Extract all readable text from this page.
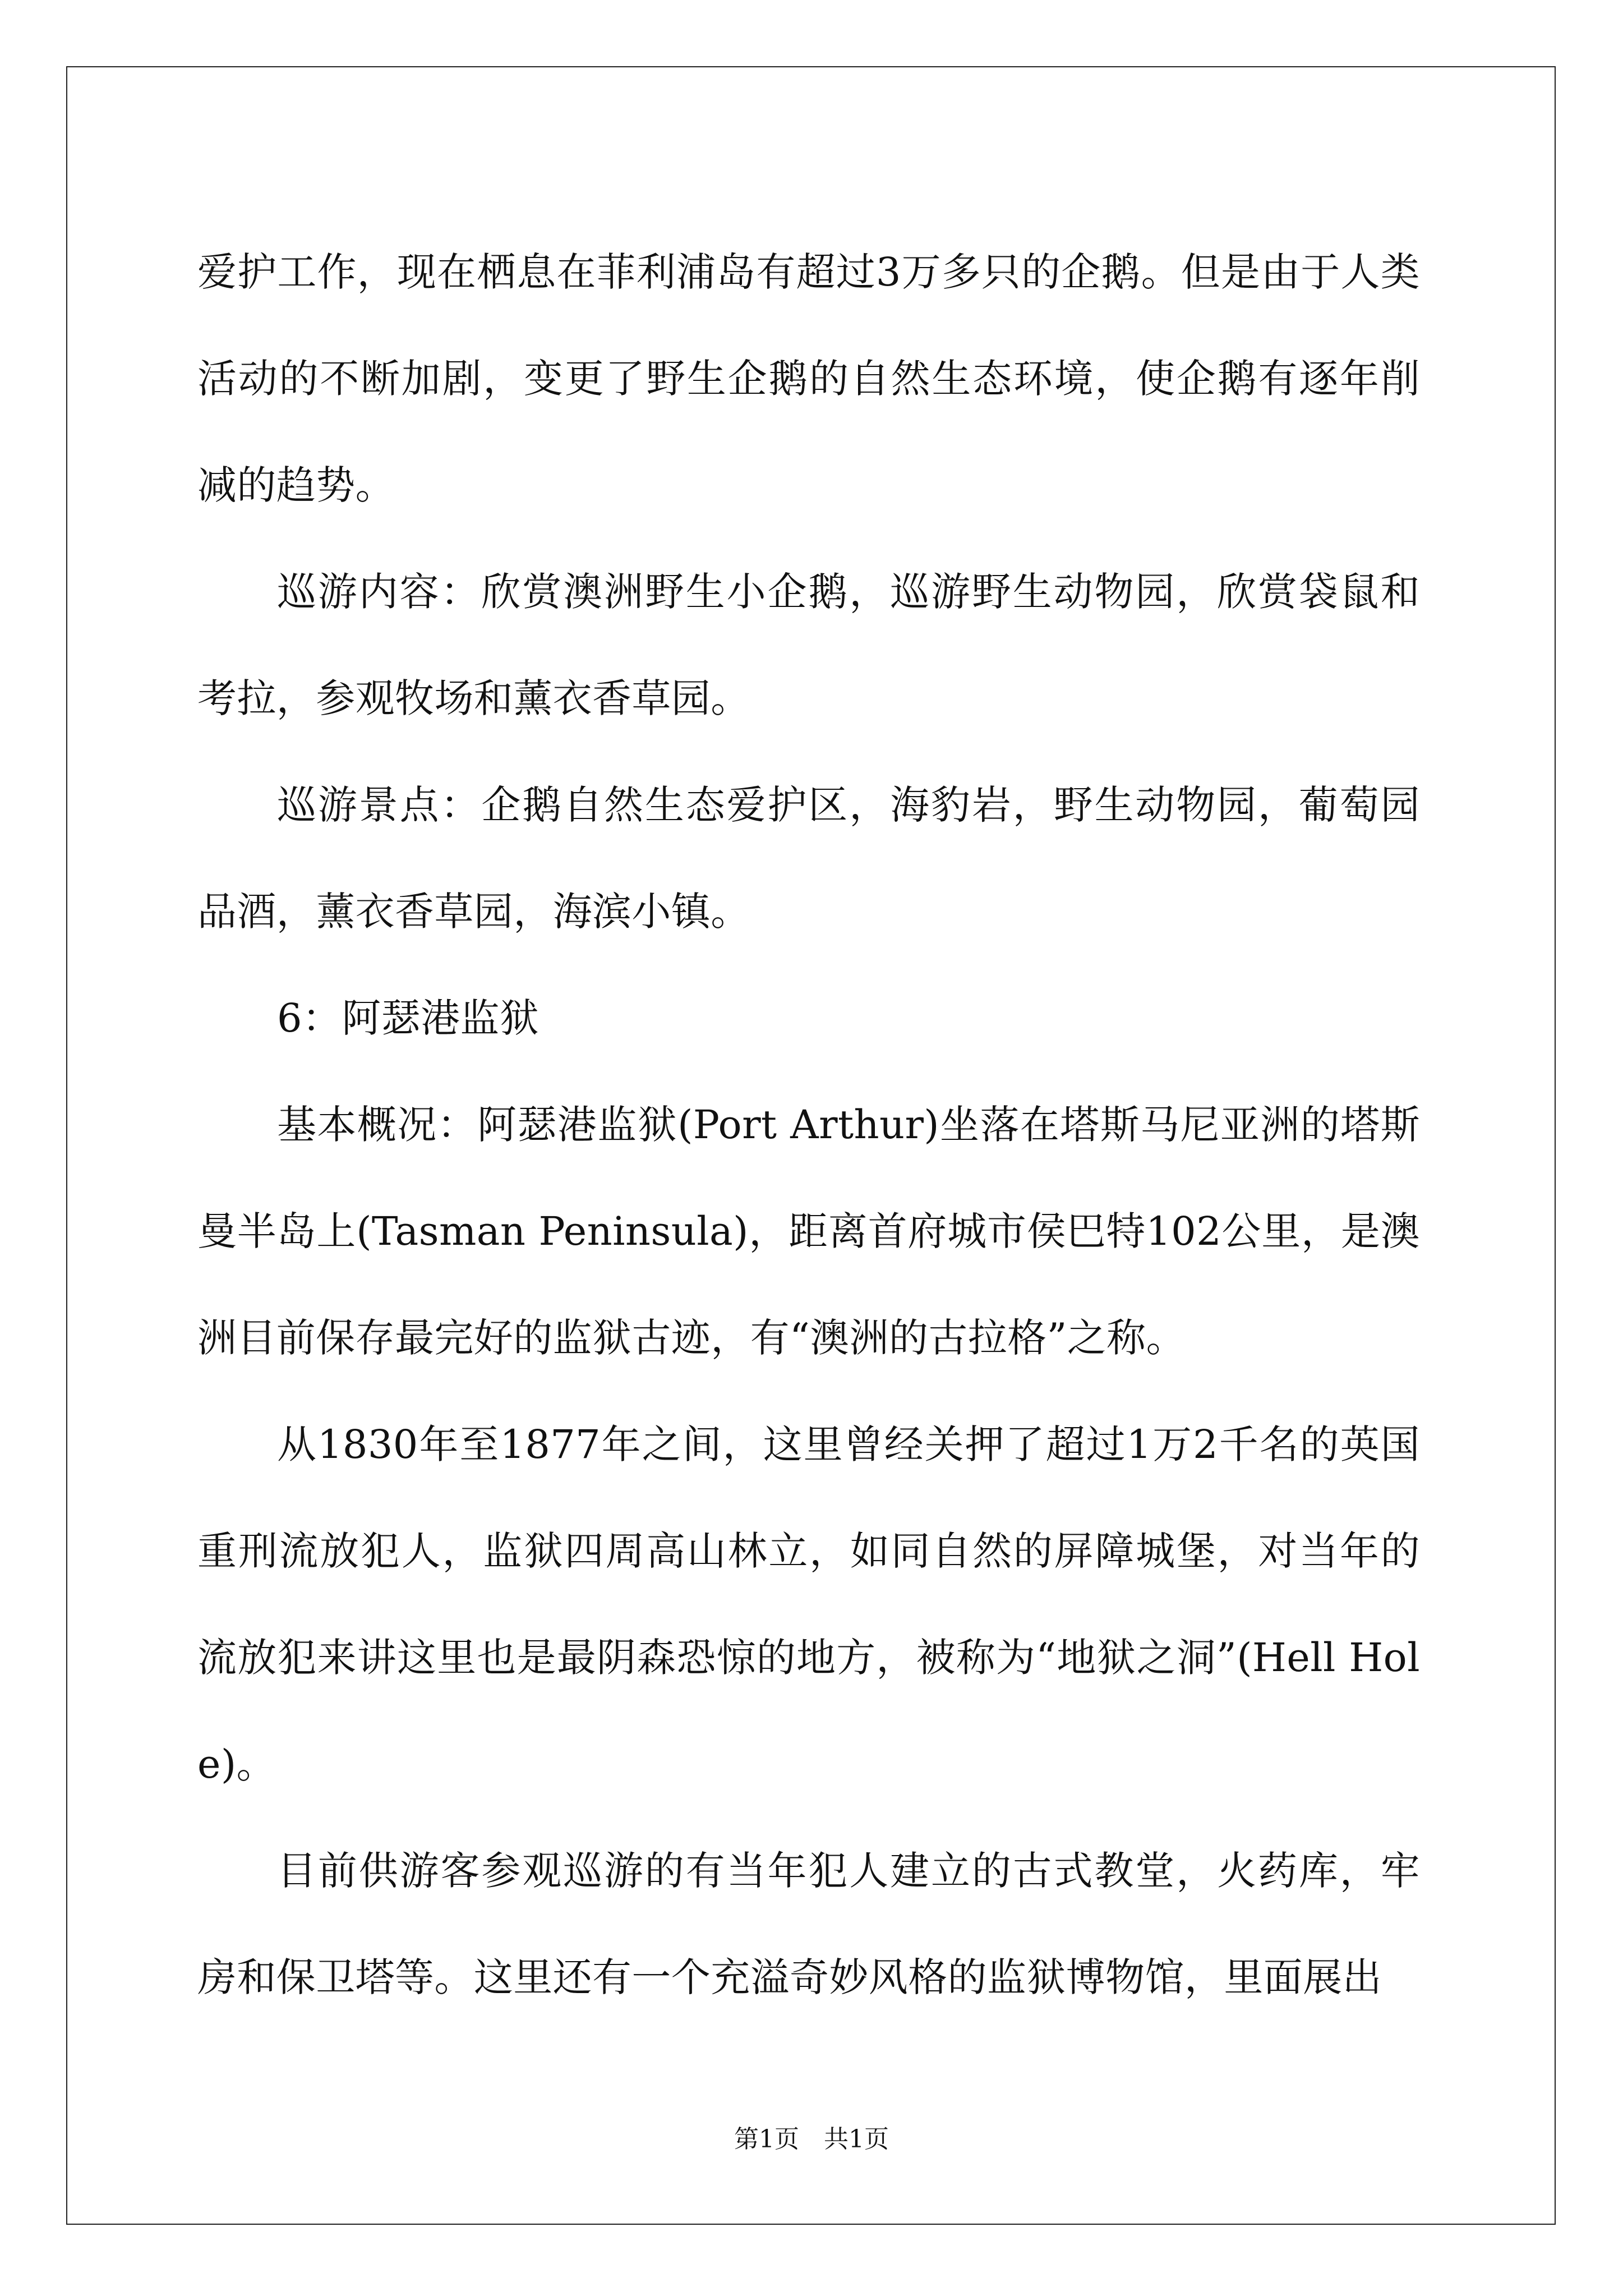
爱护工作，现在栖息在菲利浦岛有超过3万多只的企鹅。但是由于人类活动的不断加剧，变更了野生企鹅的自然生态环境，使企鹅有逐年削减的趋势。

巡游内容：欣赏澳洲野生小企鹅，巡游野生动物园，欣赏袋鼠和考拉，参观牧场和薰衣香草园。

巡游景点：企鹅自然生态爱护区，海豹岩，野生动物园，葡萄园品酒，薰衣香草园，海滨小镇。

6：阿瑟港监狱

基本概况：阿瑟港监狱(Port Arthur)坐落在塔斯马尼亚洲的塔斯曼半岛上(Tasman Peninsula)，距离首府城市侯巴特102公里，是澳洲目前保存最完好的监狱古迹，有“澳洲的古拉格”之称。

从1830年至1877年之间，这里曾经关押了超过1万2千名的英国重刑流放犯人，监狱四周高山林立，如同自然的屏障城堡，对当年的流放犯来讲这里也是最阴森恐惊的地方，被称为“地狱之洞”(Hell Hole)。

目前供游客参观巡游的有当年犯人建立的古式教堂，火药库，牢房和保卫塔等。这里还有一个充溢奇妙风格的监狱博物馆，里面展出

第1页　共1页
